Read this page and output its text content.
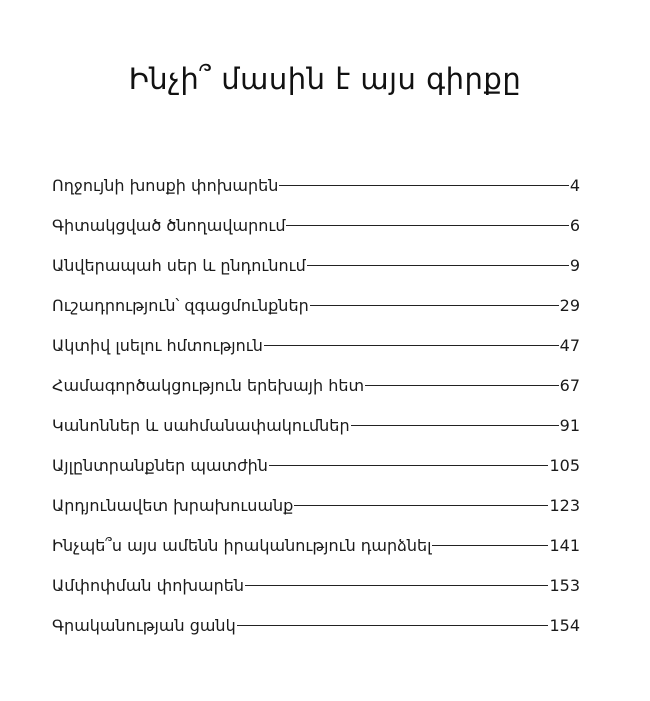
Ինչի՞ մասին է այս գիրքը
Ողջույնի խոսքի փոխարեն	4
Գիտակցված ծնողավարում	6
Անվերապահ սեր և ընդունում	9
Ուշադրություն՝ զգացմունքներ	29
Ակտիվ լսելու հմտություն	47
Համագործակցություն երեխայի հետ	67
Կանոններ և սահմանափակումներ	91
Այլընտրանքներ պատժին	105
Արդյունավետ խրախուսանք	123
Ինչպե՞ս այս ամենն իրականություն դարձնել	141
Ամփոփման փոխարեն	153
Գրականության ցանկ	154
